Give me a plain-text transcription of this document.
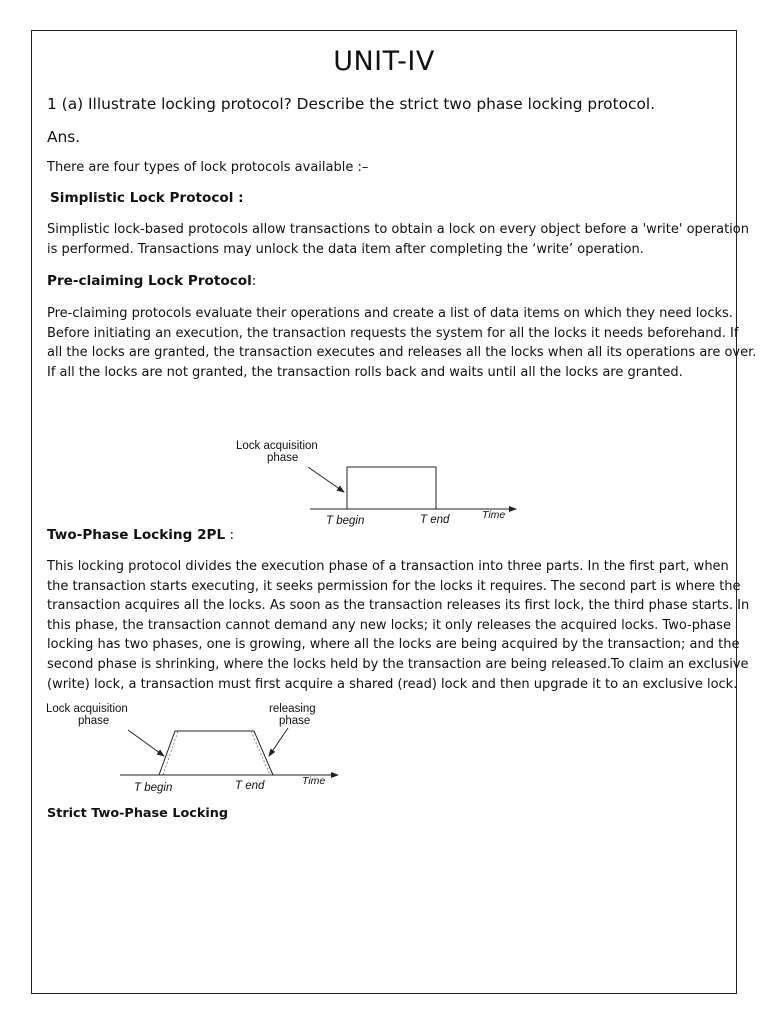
UNIT-IV
1 (a) Illustrate locking protocol? Describe the strict two phase locking protocol.
Ans.
There are four types of lock protocols available :–
Simplistic Lock Protocol :
Simplistic lock-based protocols allow transactions to obtain a lock on every object before a 'write' operation
is performed. Transactions may unlock the data item after completing the ‘write’ operation.
Pre-claiming Lock Protocol:
Pre-claiming protocols evaluate their operations and create a list of data items on which they need locks.
Before initiating an execution, the transaction requests the system for all the locks it needs beforehand. If
all the locks are granted, the transaction executes and releases all the locks when all its operations are over.
If all the locks are not granted, the transaction rolls back and waits until all the locks are granted.
Lock acquisition
phase
T begin	T end	Time
Two-Phase Locking 2PL :
This locking protocol divides the execution phase of a transaction into three parts. In the first part, when
the transaction starts executing, it seeks permission for the locks it requires. The second part is where the
transaction acquires all the locks. As soon as the transaction releases its first lock, the third phase starts. In
this phase, the transaction cannot demand any new locks; it only releases the acquired locks. Two-phase
locking has two phases, one is growing, where all the locks are being acquired by the transaction; and the
second phase is shrinking, where the locks held by the transaction are being released.To claim an exclusive
(write) lock, a transaction must first acquire a shared (read) lock and then upgrade it to an exclusive lock.
Lock acquisition
phase
releasing
phase
T begin	T end	Time
Strict Two-Phase Locking
